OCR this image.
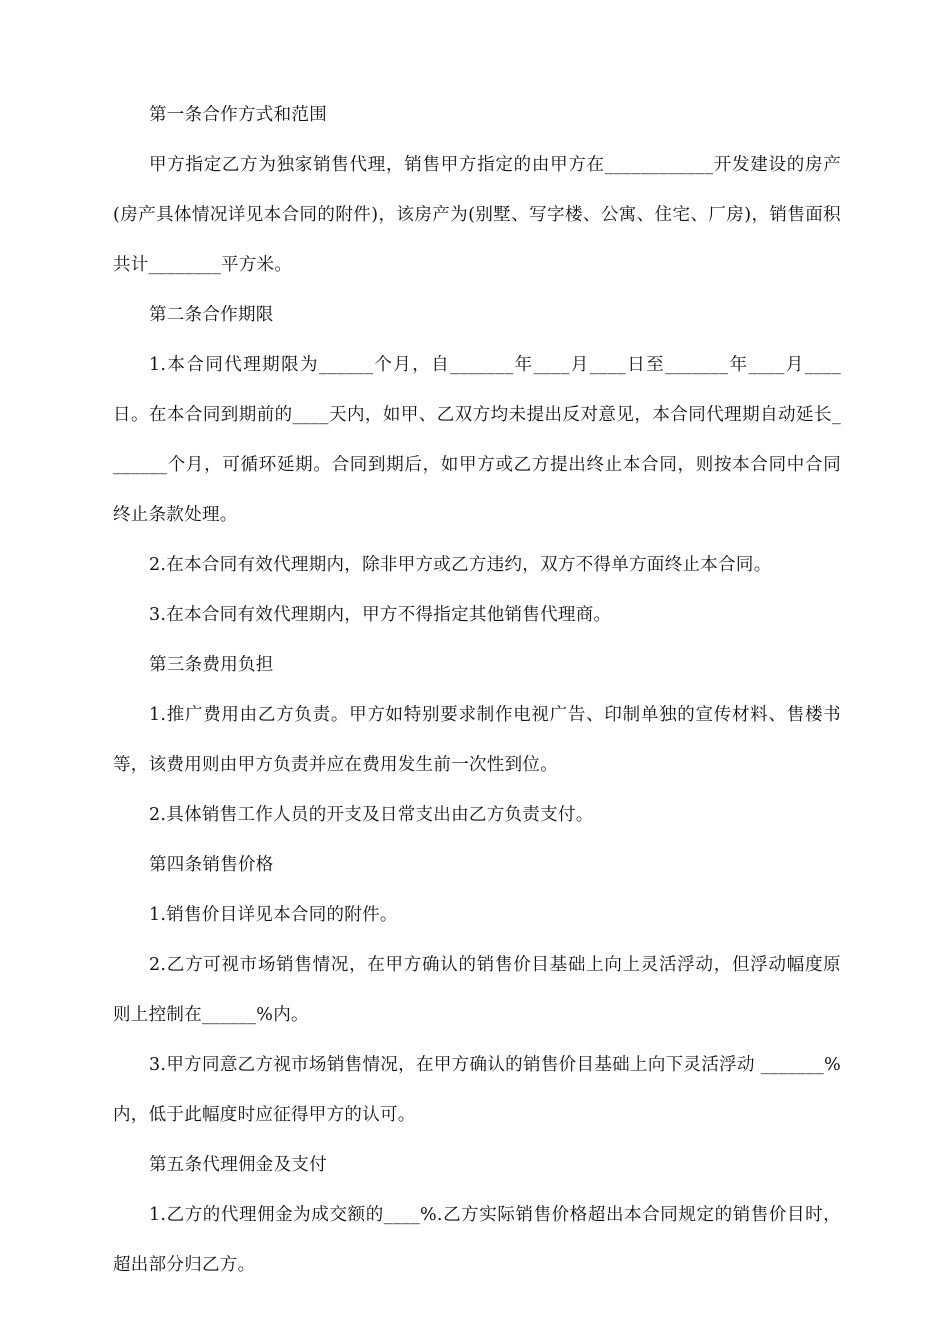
第一条合作方式和范围

甲方指定乙方为独家销售代理，销售甲方指定的由甲方在____________开发建设的房产(房产具体情况详见本合同的附件)，该房产为(别墅、写字楼、公寓、住宅、厂房)，销售面积共计________平方米。

第二条合作期限

1.本合同代理期限为______个月，自_______年____月____日至_______年____月____日。在本合同到期前的____天内，如甲、乙双方均未提出反对意见，本合同代理期自动延长_______个月，可循环延期。合同到期后，如甲方或乙方提出终止本合同，则按本合同中合同终止条款处理。

2.在本合同有效代理期内，除非甲方或乙方违约，双方不得单方面终止本合同。

3.在本合同有效代理期内，甲方不得指定其他销售代理商。

第三条费用负担

1.推广费用由乙方负责。甲方如特别要求制作电视广告、印制单独的宣传材料、售楼书等，该费用则由甲方负责并应在费用发生前一次性到位。

2.具体销售工作人员的开支及日常支出由乙方负责支付。

第四条销售价格

1.销售价目详见本合同的附件。

2.乙方可视市场销售情况，在甲方确认的销售价目基础上向上灵活浮动，但浮动幅度原则上控制在______%内。

3.甲方同意乙方视市场销售情况，在甲方确认的销售价目基础上向下灵活浮动 _______%内，低于此幅度时应征得甲方的认可。

第五条代理佣金及支付

1.乙方的代理佣金为成交额的____%.乙方实际销售价格超出本合同规定的销售价目时，超出部分归乙方。
